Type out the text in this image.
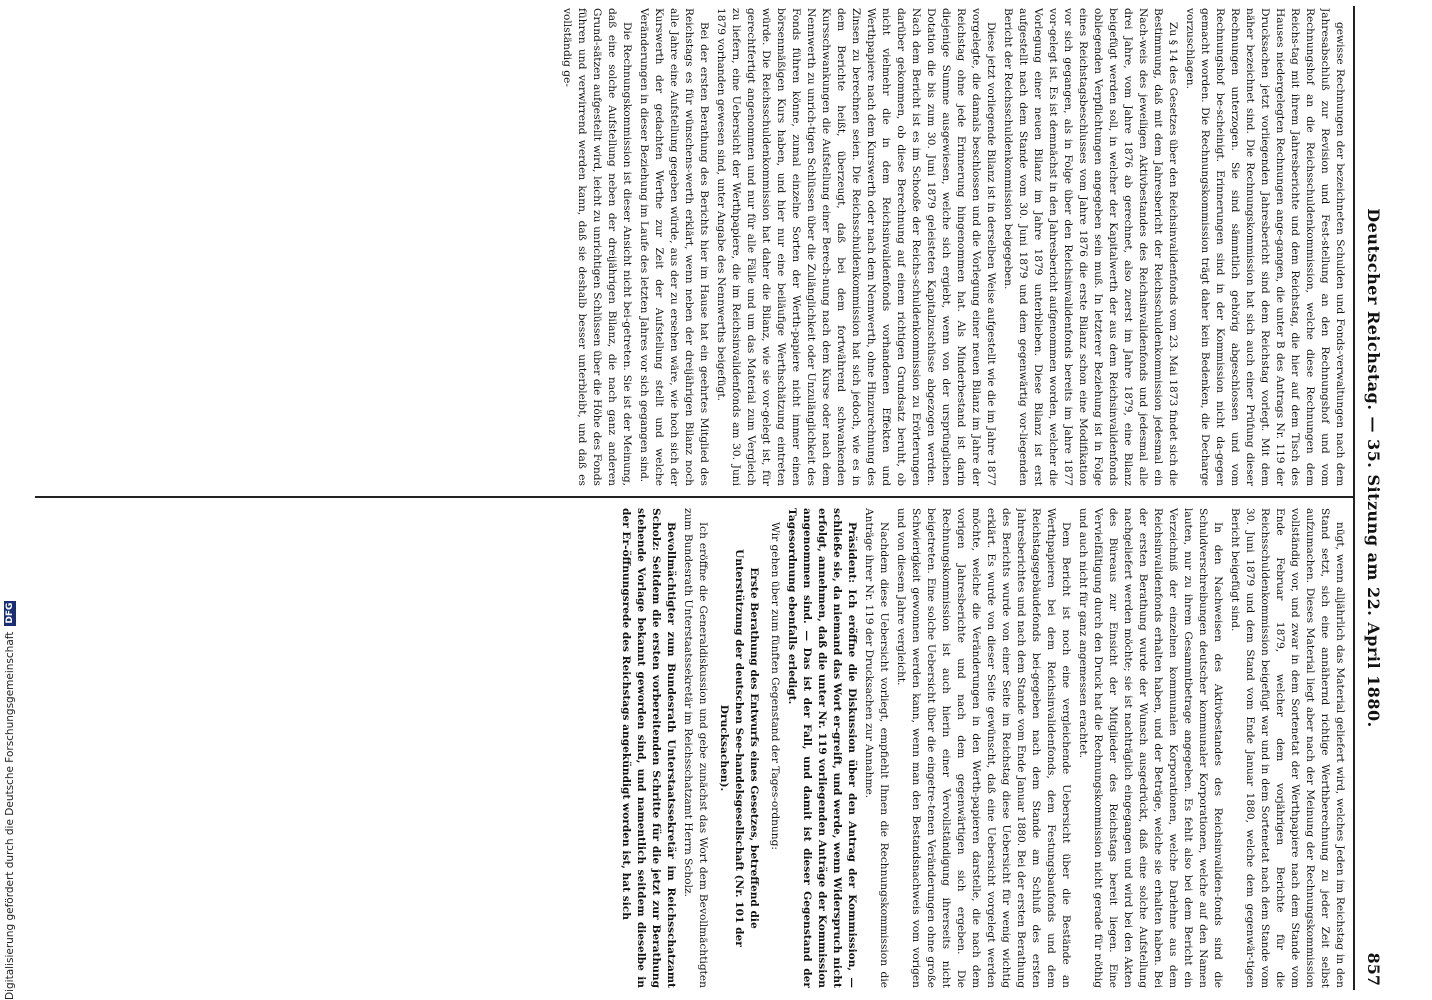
Deutscher Reichstag. — 35. Sitzung am 22. April 1880.
857

gewisse Rechnungen der bezeichneten Schulden und Fonds-verwaltungen nach dem Jahresabschluß zur Revision und Fest-stellung an den Rechnungshof und vom Rechnungshof an die Reichsschuldenkommission, welche diese Rechnungen dem Reichs-tag mit ihrem Jahresberichte und dem Reichstag, die hier auf dem Tisch des Hauses niedergelegten Rechnungen ange-gangen, die unter B des Antrags Nr. 119 der Drucksachen jetzt vorliegenden Jahresbericht sind dem Reichstag vorlegt. Mit dem näher bezeichnet sind. Die Rechnungskommission hat sich auch einer Prüfung dieser Rechnungen unterzogen. Sie sind sämmtlich gehörig abgeschlossen und vom Rechnungshof be-scheinigt. Erinnerungen sind in der Kommission nicht da-gegen gemacht worden. Die Rechnungskommission trägt daher kein Bedenken, die Decharge vorzuschlagen.

Zu § 14 des Gesetzes über den Reichsinvalidenfonds vom 23. Mai 1873 findet sich die Bestimmung, daß mit dem Jahresbericht der Reichsschuldenkommission jedesmal ein Nach-weis des jeweiligen Aktivbestandes des Reichsinvalidenfonds und jedesmal alle drei Jahre, vom Jahre 1876 ab gerechnet, also zuerst im Jahre 1879, eine Bilanz beigefügt werden soll, in welcher der Kapitalwerth der aus dem Reichsinvalidenfonds obliegenden Verpflichtungen angegeben sein muß. In letzterer Beziehung ist in Folge eines Reichstagsbeschlusses vom Jahre 1876 die erste Bilanz schon eine Modifikation vor sich gegangen, als in Folge über den Reichsinvalidenfonds bereits im Jahre 1877 vor-gelegt ist. Es ist demnächst in den Jahresbericht aufgenommen worden, welcher die Vorlegung einer neuen Bilanz im Jahre 1879 unterblieben. Diese Bilanz ist erst aufgestellt nach dem Stande vom 30. Juni 1879 und dem gegenwärtig vor-liegenden Bericht der Reichsschuldenkommission beigegeben.

Diese jetzt vorliegende Bilanz ist in derselben Weise aufgestellt wie die im Jahre 1877 vorgelegte, die damals beschlossen und die Vorlegung einer neuen Bilanz im Jahre der Reichstag ohne jede Erinnerung hingenommen hat. Als Minderbestand ist darin diejenige Summe ausgewiesen, welche sich ergiebt, wenn von der ursprünglichen Dotation die bis zum 30. Juni 1879 geleisteten Kapitalzuschüsse abgezogen werden. Nach dem Bericht ist es im Schooße der Reichs-schuldenkommission zu Erörterungen darüber gekommen, ob diese Berechnung auf einem richtigen Grundsatz beruht, ob nicht vielmehr die in dem Reichsinvalidenfonds vorhandenen Effekten und Werthpapiere nach dem Kurswerth oder nach dem Nennwerth, ohne Hinzurechnung des Zinsen zu berechnen seien. Die Reichsschuldenkommission hat sich jedoch, wie es in dem Berichte heißt, überzeugt, daß bei dem fortwährend schwankenden Kursschwankungen die Aufstellung einer Berech-nung nach dem Kurse oder nach dem Nennwerth zu unrich-tigen Schlüssen über die Zulänglichkeit oder Unzulänglichkeit des Fonds führen könne, zumal einzelne Sorten der Werth-papiere nicht immer einen börsenmäßigen Kurs haben, und hier nur eine beiläufige Werthschätzung eintreten würde. Die Reichsschuldenkommission hat daher die Bilanz, wie sie vor-gelegt ist, für gerechtfertigt angenommen und nur für alle Fälle und um das Material zum Vergleich zu liefern, eine Uebersicht der Werthpapiere, die im Reichsinvalidenfonds am 30. Juni 1879 vorhanden gewesen sind, unter Angabe des Nennwerths beigefügt.

Bei der ersten Berathung des Berichts hier im Hause hat ein geehrtes Mitglied des Reichstags es für wünschens-werth erklärt, wenn neben der dreijährigen Bilanz noch alle Jahre eine Aufstellung gegeben würde, aus der zu ersehen wäre, wie hoch sich der Kurswerth der gedachten Werthe zur Zeit der Aufstellung stellt und welche Veränderungen in dieser Beziehung im Laufe des letzten Jahres vor sich gegangen sind.

Die Rechnungskommission ist dieser Ansicht nicht bei-getreten. Sie ist der Meinung, daß eine solche Aufstellung neben der dreijährigen Bilanz, die nach ganz anderen Grund-sätzen aufgestellt wird, leicht zu unrichtigen Schlüssen über die Höhe des Fonds führen und verwirrend werden kann, daß sie deshalb besser unterbleibt, und daß es vollständig ge-

nügt, wenn alljährlich das Material geliefert wird, welches Jeden im Reichstag in den Stand setzt, sich eine annähernd richtige Werthberechnung zu jeder Zeit selbst aufzumachen. Dieses Material liegt aber nach der Meinung der Rechnungskommission vollständig vor, und zwar in dem Sortenetat der Werthpapiere nach dem Stande vom Ende Februar 1879, welcher dem vorjährigen Berichte für die Reichsschuldenkommission beigefügt war und in dem Sortenetat nach dem Stande vom 30. Juni 1879 und dem Stand vom Ende Januar 1880, welche dem gegenwär-tigen Bericht beigefügt sind.

In den Nachweisen des Aktivbestandes des Reichsinvaliden-fonds sind die Schuldverschreibungen deutscher kommunaler Korporationen, welche auf den Namen lauten, nur zu ihrem Gesammtbetrage angegeben. Es fehlt also bei dem Bericht ein Verzeichniß der einzelnen kommunalen Korporationen, welche Darlehne aus dem Reichsinvalidenfonds erhalten haben, und der Beträge, welche sie erhalten haben. Bei der ersten Berathung wurde der Wunsch ausgedrückt, daß eine solche Aufstellung nachgeliefert werden möchte; sie ist nachträglich eingegangen und wird bei den Akten des Büreaus zur Einsicht der Mitglieder des Reichstags bereit liegen. Eine Vervielfältigung durch den Druck hat die Rechnungskommission nicht gerade für nöthig und auch nicht für ganz angemessen erachtet.

Dem Bericht ist noch eine vergleichende Uebersicht über die Bestände an Werthpapieren bei dem Reichsinvalidenfonds, dem Festungsbaufonds und dem Reichstagsgebäudefonds bei-gegeben nach dem Stande am Schluß des ersten Jahresberichtes und nach dem Stande vom Ende Januar 1880. Bei der ersten Berathung des Berichts wurde von einer Seite im Reichstag diese Uebersicht für wenig wichtig erklärt. Es wurde von dieser Seite gewünscht, daß eine Uebersicht vorgelegt werden möchte, welche die Veränderungen in den Werth-papieren darstelle, die nach dem vorigen Jahresberichte und nach dem gegenwärtigen sich ergeben. Die Rechnungskommission ist auch hierin einer Vervollständigung ihrerseits nicht beigetreten. Eine solche Uebersicht über die eingetre-tenen Veränderungen ohne große Schwierigkeit gewonnen werden kann, wenn man den Bestandsnachweis vom vorigen und von diesem Jahre vergleicht.

Nachdem diese Uebersicht vorliegt, empfiehlt Ihnen die Rechnungskommission die Anträge ihrer Nr. 119 der Drucksachen zur Annahme.

Präsident: Ich eröffne die Diskussion über den Antrag der Kommission, — schließe sie, da niemand das Wort er-greift, und werde, wenn Widerspruch nicht erfolgt, annehmen, daß die unter Nr. 119 vorliegenden Anträge der Kommission angenommen sind. — Das ist der Fall, und damit ist dieser Gegenstand der Tagesordnung ebenfalls erledigt.

Wir gehen über zum fünften Gegenstand der Tages-ordnung:

Erste Berathung des Entwurfs eines Gesetzes, betreffend die Unterstützung der deutschen See-handelsgesellschaft (Nr. 101 der Drucksachen).

Ich eröffne die Generaldiskussion und gebe zunächst das Wort dem Bevollmächtigten zum Bundesrath Unterstaatssekretär im Reichsschatzamt Herrn Scholz.

Bevollmächtigter zum Bundesrath Unterstaatssekretär im Reichsschatzamt Scholz: Seitdem die ersten vorbereitenden Schritte für die jetzt zur Berathung stehende Vorlage bekannt geworden sind, und namentlich seitdem dieselbe in der Er-öffnungsrede des Reichstags angekündigt worden ist, hat sich

Digitalisierung gefördert durch die Deutsche Forschungsgemeinschaft
DFG
